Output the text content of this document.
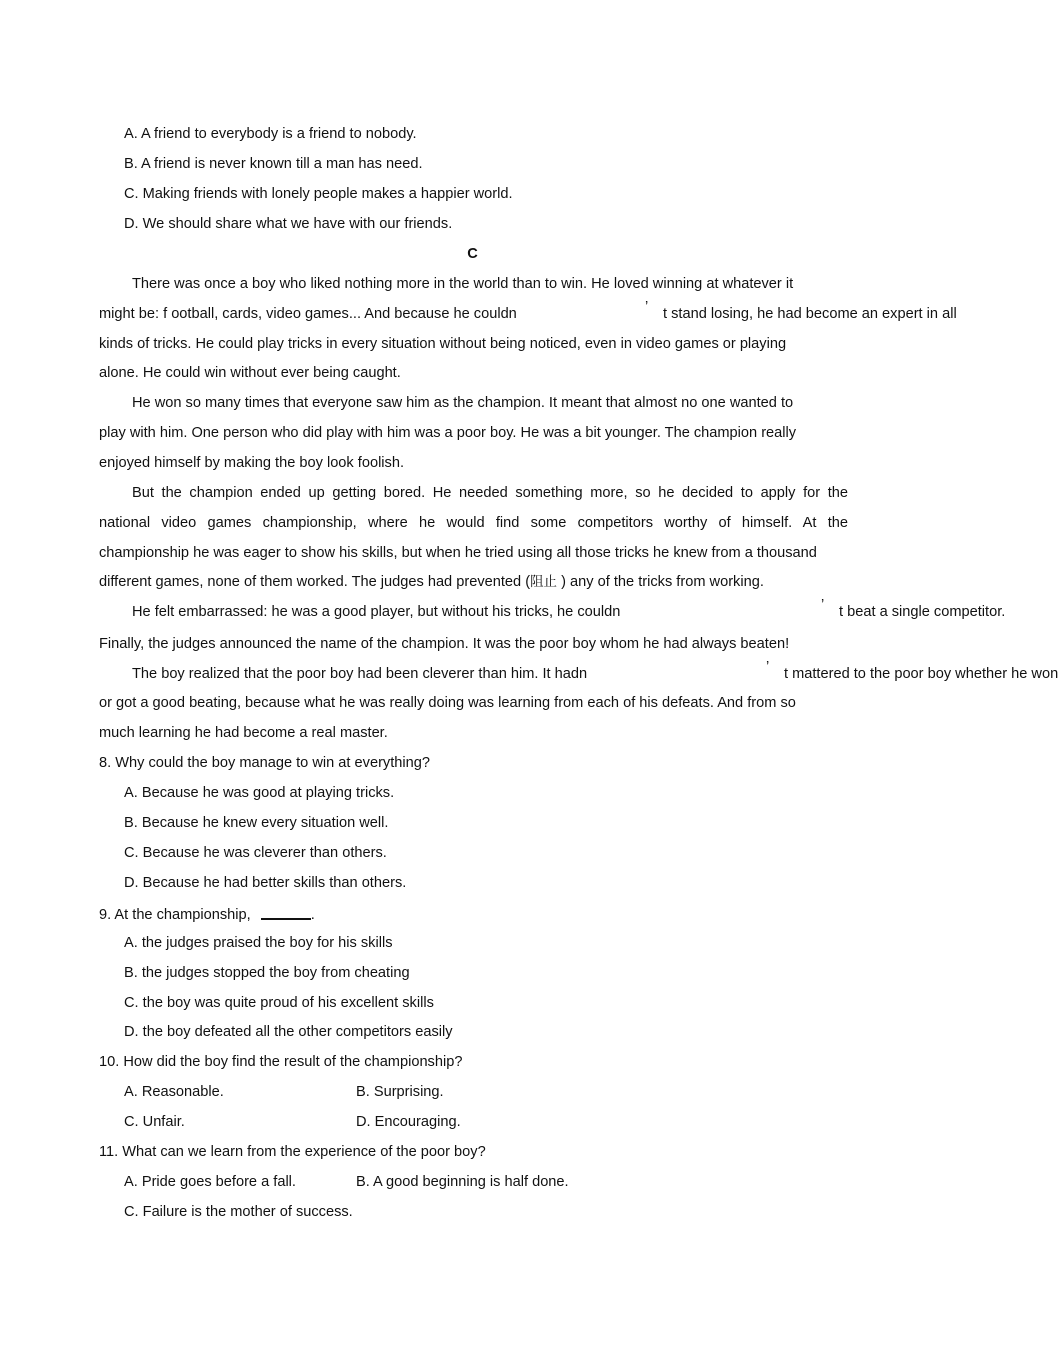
A. A friend to everybody is a friend to nobody.
B. A friend is never known till a man has need.
C. Making friends with lonely people makes a happier world.
D. We should share what we have with our friends.
C
There was once a boy who liked nothing more in the world than to win. He loved winning at whatever it
might be: f ootball, cards, video games... And because he couldn	’ t stand losing, he had become an expert in all
kinds of tricks. He could play tricks in every situation without being noticed, even in video games or playing
alone. He could win without ever being caught.
He won so many times that everyone saw him as the champion. It meant that almost no one wanted to
play with him. One person who did play with him was a poor boy. He was a bit younger. The champion really
enjoyed himself by making the boy look foolish.
But the champion ended up getting bored. He needed something more, so he decided to apply for the
national video games championship, where he would find some competitors worthy of himself. At the
championship he was eager to show his skills, but when he tried using all those tricks he knew from a thousand
different games, none of them worked. The judges had prevented (阻止 ) any of the tricks from working.
He felt embarrassed: he was a good player, but without his tricks, he couldn	’ t beat a single competitor.
Finally, the judges announced the name of the champion. It was the poor boy whom he had always beaten!
The boy realized that the poor boy had been cleverer than him. It hadn	’ t mattered to the poor boy whether he won
or got a good beating, because what he was really doing was learning from each of his defeats. And from so
much learning he had become a real master.
8. Why could the boy manage to win at everything?
A. Because he was good at playing tricks.
B. Because he knew every situation well.
C. Because he was cleverer than others.
D. Because he had better skills than others.
9. At the championship,	.
A. the judges praised the boy for his skills
B. the judges stopped the boy from cheating
C. the boy was quite proud of his excellent skills
D. the boy defeated all the other competitors easily
10. How did the boy find the result of the championship?
A. Reasonable.	B. Surprising.
C. Unfair.	D. Encouraging.
11. What can we learn from the experience of the poor boy?
A. Pride goes before a fall.	B. A good beginning is half done.
C. Failure is the mother of success.
